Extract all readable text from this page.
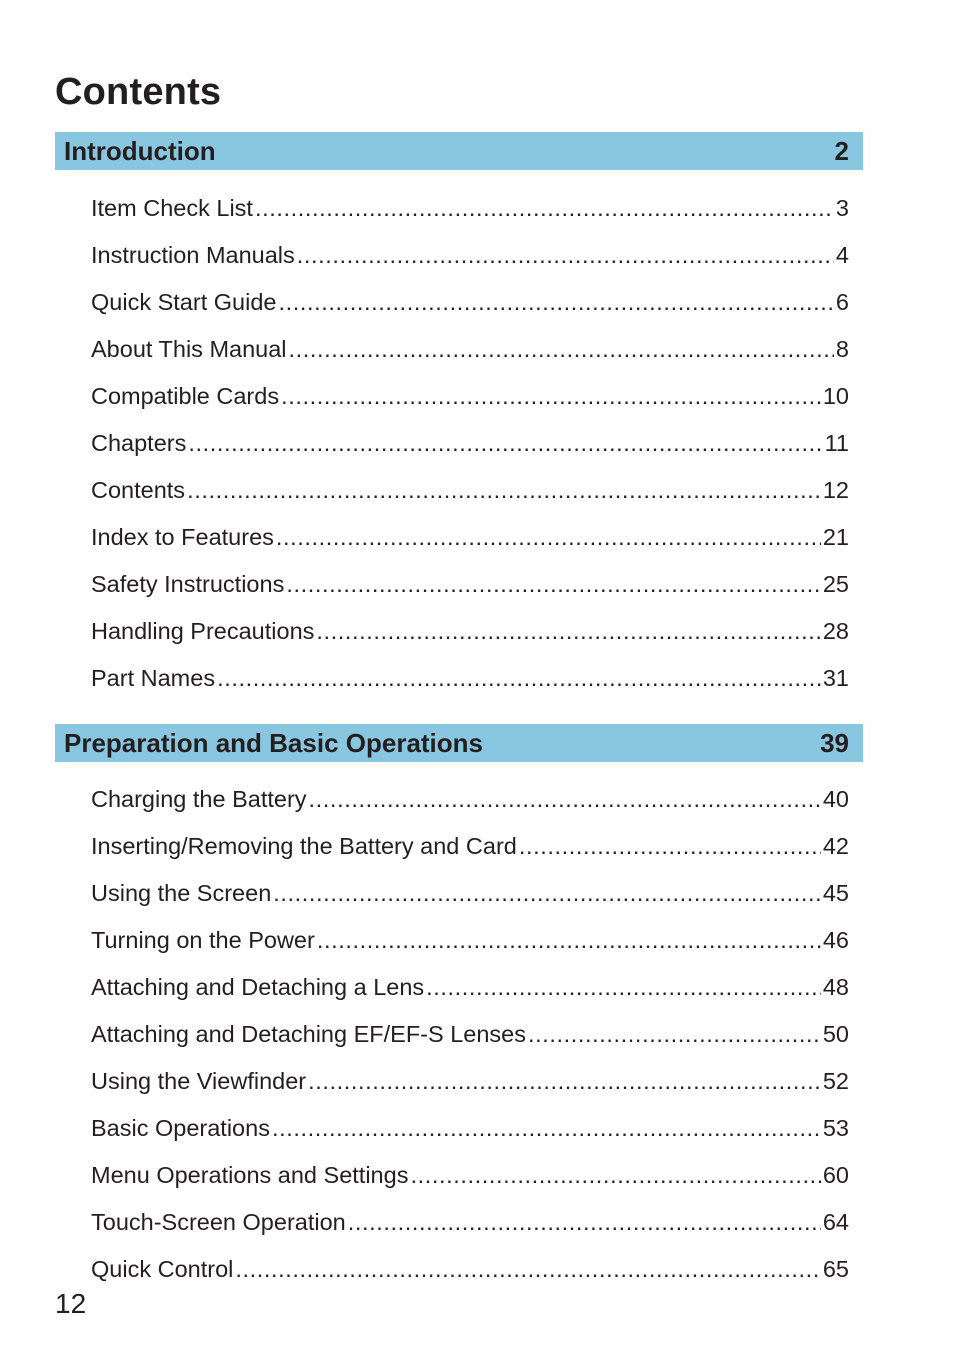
Contents
Introduction	2
Item Check List .....	3
Instruction Manuals .....	4
Quick Start Guide .....	6
About This Manual .....	8
Compatible Cards .....	10
Chapters .....	11
Contents .....	12
Index to Features .....	21
Safety Instructions .....	25
Handling Precautions .....	28
Part Names .....	31
Preparation and Basic Operations	39
Charging the Battery .....	40
Inserting/Removing the Battery and Card .....	42
Using the Screen .....	45
Turning on the Power .....	46
Attaching and Detaching a Lens .....	48
Attaching and Detaching EF/EF-S Lenses .....	50
Using the Viewfinder .....	52
Basic Operations .....	53
Menu Operations and Settings .....	60
Touch-Screen Operation .....	64
Quick Control .....	65
12
